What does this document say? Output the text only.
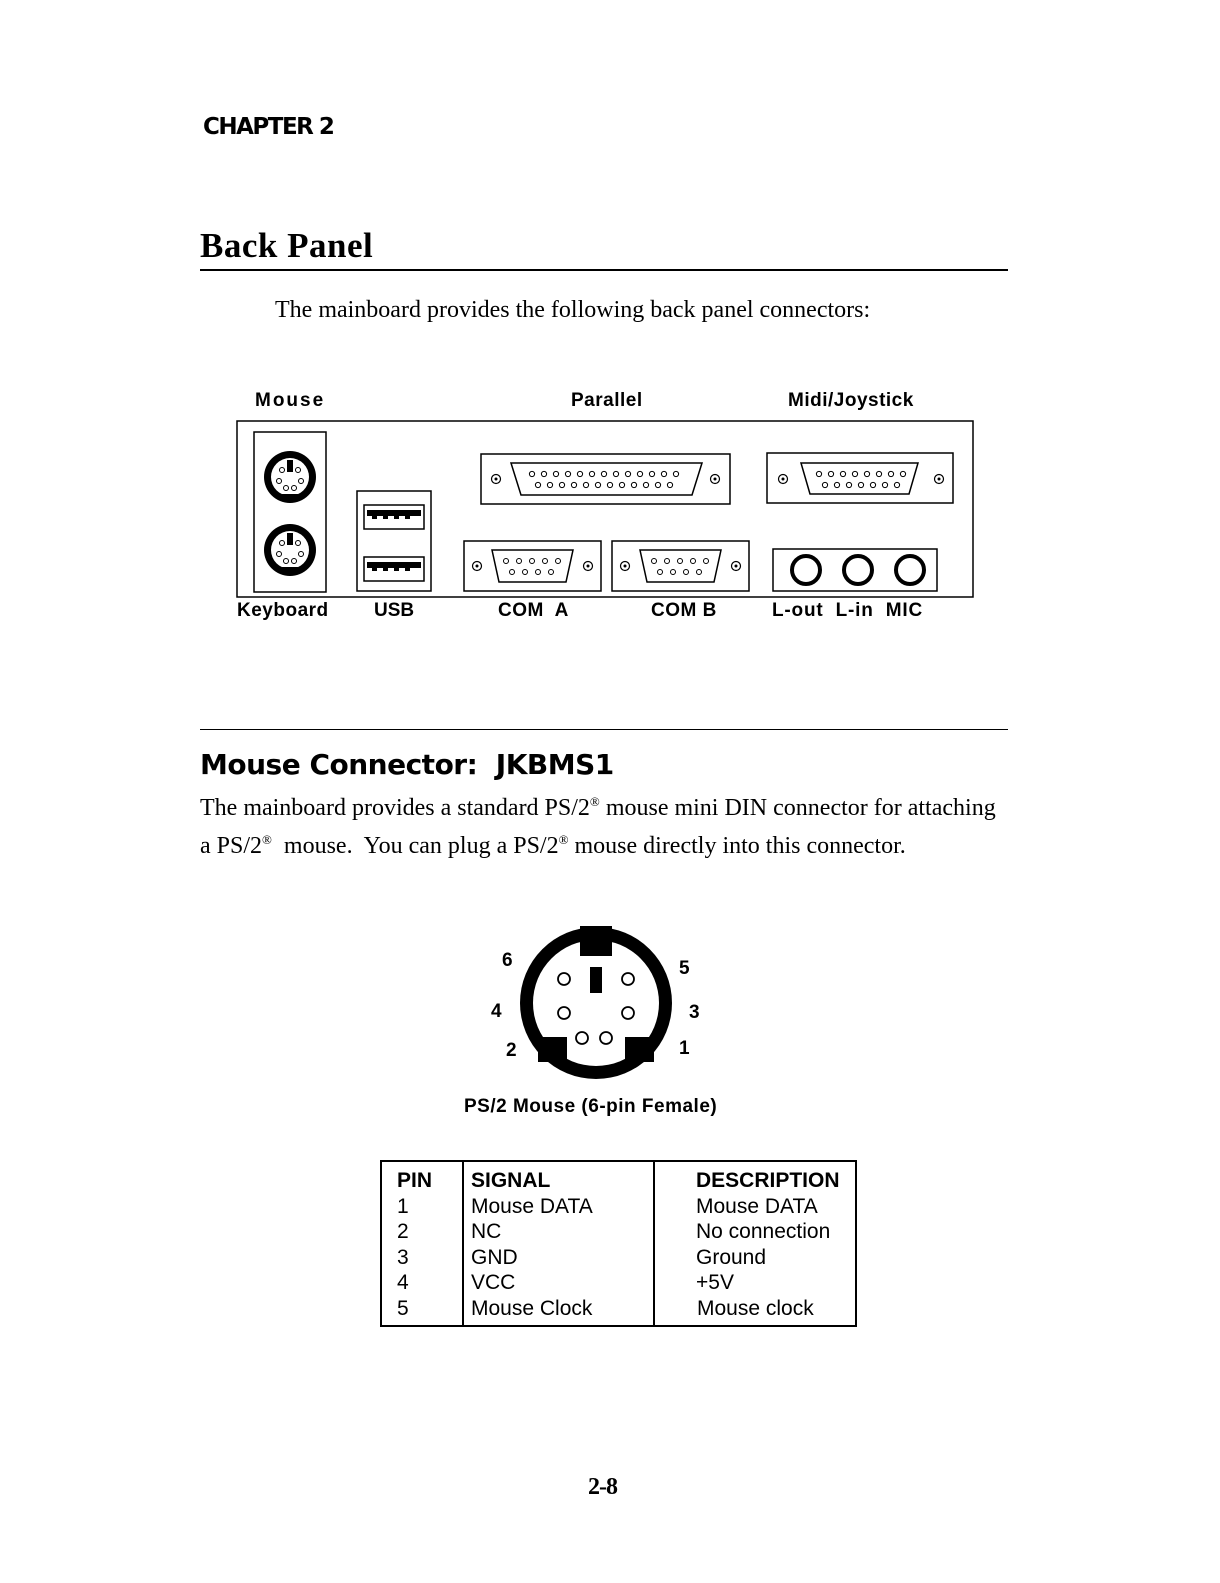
CHAPTER 2
Back Panel
The mainboard provides the following back panel connectors:
Mouse	Parallel	Midi/Joystick
Keyboard USB	COM  A	COM B	L-out  L-in  MIC
Mouse Connector:  JKBMS1
The mainboard provides a standard PS/2® mouse mini DIN connector for attaching a PS/2®  mouse.  You can plug a PS/2® mouse directly into this connector.
6	5
4	3
2	1
PS/2 Mouse (6-pin Female)
PIN SIGNAL	DESCRIPTION
1	Mouse DATA	Mouse DATA
2	NC	No connection
3	GND	Ground
4	VCC	+5V
5	Mouse Clock	Mouse clock
2-8
